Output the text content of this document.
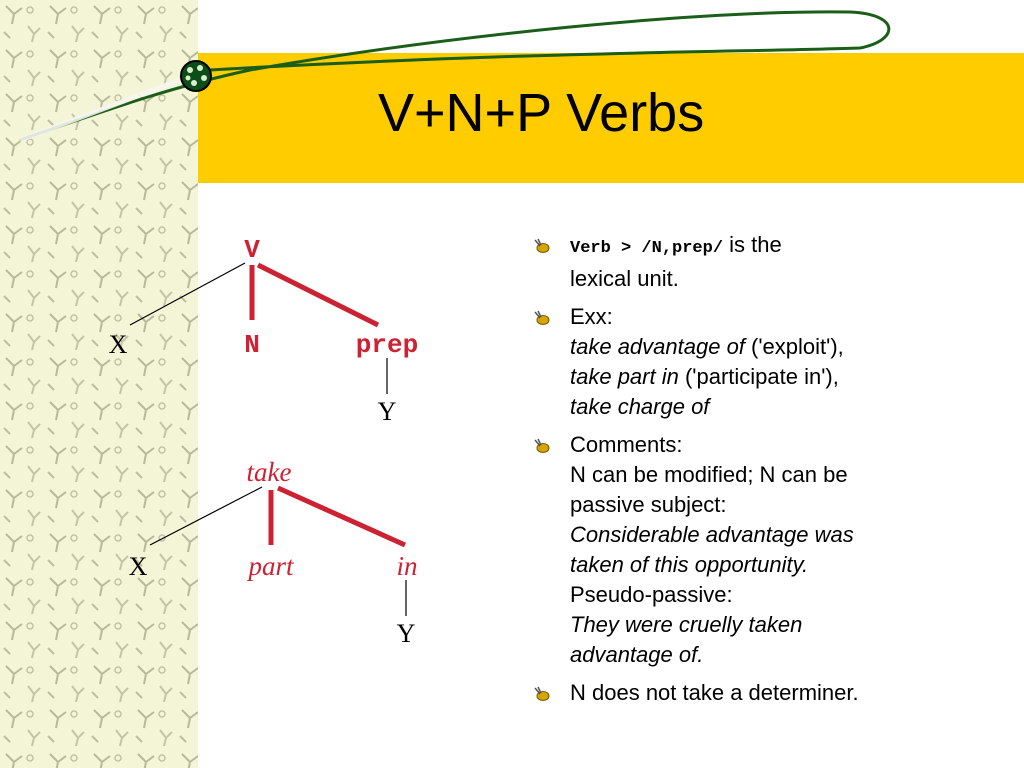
V+N+P Verbs
V
X	N	prep
Y
take
X	part	in
Y
Verb > /N,prep/ is the
lexical unit.
Exx:
take advantage of ('exploit'),
take part in ('participate in'),
take charge of
Comments:
N can be modified; N can be
passive subject:
Considerable advantage was
taken of this opportunity.
Pseudo-passive:
They were cruelly taken
advantage of.
N does not take a determiner.
